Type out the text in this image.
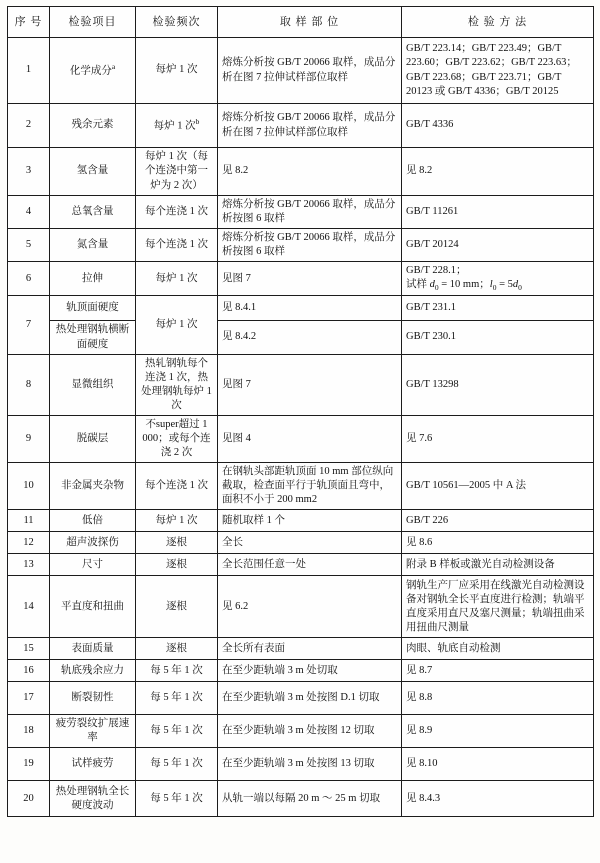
序 号	检验项目	检验频次	取 样 部 位	检 验 方 法
1	化学成分$^a$	每炉 1 次	熔炼分析按 GB/T 20066 取样，成品分析在图 7 拉伸试样部位取样	GB/T 223.14；GB/T 223.49；GB/T 223.60；GB/T 223.62；GB/T 223.63；GB/T 223.68；GB/T 223.71；GB/T 20123 或 GB/T 4336；GB/T 20125
2	残余元素	每炉 1 次$^b$	熔炼分析按 GB/T 20066 取样，成品分析在图 7 拉伸试样部位取样	GB/T 4336
3	氢含量	每炉 1 次（每个连浇中第一炉为 2 次）	见 8.2	见 8.2
4	总氧含量	每个连浇 1 次	熔炼分析按 GB/T 20066 取样，成品分析按图 6 取样	GB/T 11261
5	氮含量	每个连浇 1 次	熔炼分析按 GB/T 20066 取样，成品分析按图 6 取样	GB/T 20124
6	拉伸	每炉 1 次	见图 7	GB/T 228.1；
试样 $d_0 = 10$ mm；$l_0 = 5d_0$
7	轨顶面硬度	每炉 1 次	见 8.4.1	GB/T 231.1
	热处理钢轨横断面硬度		见 8.4.2	GB/T 230.1
8	显微组织	热轧钢轨每个连浇 1 次，热处理钢轨每炉 1 次	见图 7	GB/T 13298
9	脱碳层	不super超过 1 000；或每个连浇 2 次	见图 4	见 7.6
10	非金属夹杂物	每个连浇 1 次	在钢轨头部距轨顶面 10 mm 部位纵向截取，检查面平行于轨顶面且弯中，面积不小于 200 mm2	GB/T 10561—2005 中 A 法
11	低倍	每炉 1 次	随机取样 1 个	GB/T 226
12	超声波探伤	逐根	全长	见 8.6
13	尺寸	逐根	全长范围任意一处	附录 B 样板或激光自动检测设备
14	平直度和扭曲	逐根	见 6.2	钢轨生产厂应采用在线激光自动检测设备对钢轨全长平直度进行检测；轨端平直度采用直尺及塞尺测量；轨端扭曲采用扭曲尺测量
15	表面质量	逐根	全长所有表面	肉眼、轨底自动检测
16	轨底残余应力	每 5 年 1 次	在至少距轨端 3 m 处切取	见 8.7
17	断裂韧性	每 5 年 1 次	在至少距轨端 3 m 处按图 D.1 切取	见 8.8
18	疲劳裂纹扩展速率	每 5 年 1 次	在至少距轨端 3 m 处按图 12 切取	见 8.9
19	试样疲劳	每 5 年 1 次	在至少距轨端 3 m 处按图 13 切取	见 8.10
20	热处理钢轨全长硬度波动	每 5 年 1 次	从轨一端以每隔 20 m ～ 25 m 切取	见 8.4.3
